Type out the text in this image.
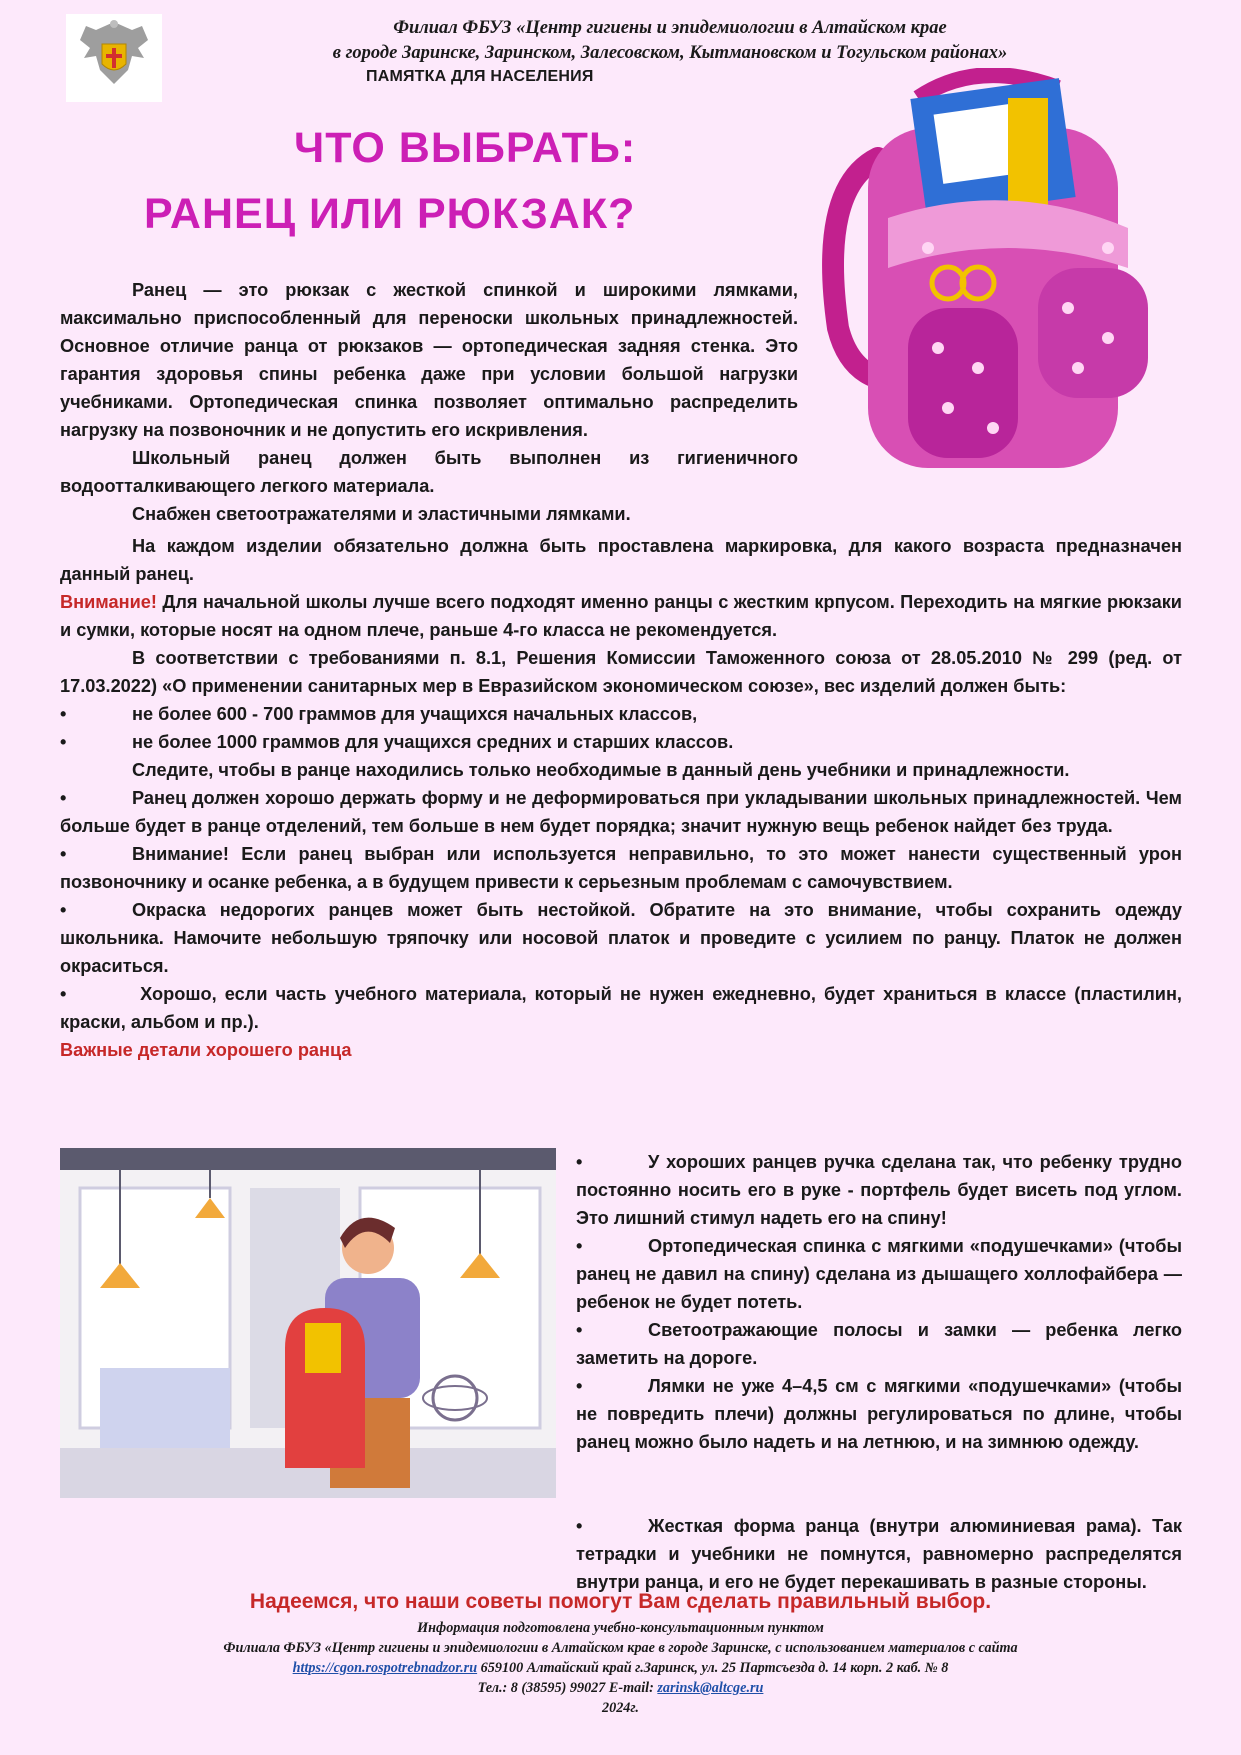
Филиал ФБУЗ «Центр гигиены и эпидемиологии в Алтайском крае
в городе Заринске, Заринском, Залесовском, Кытмановском и Тогульском районах»
ПАМЯТКА ДЛЯ НАСЕЛЕНИЯ
ЧТО ВЫБРАТЬ:
РАНЕЦ ИЛИ РЮКЗАК?

Ранец — это рюкзак с жесткой спинкой и широкими лямками, максимально приспособленный для переноски школьных принадлежностей. Основное отличие ранца от рюкзаков — ортопедическая задняя стенка. Это гарантия здоровья спины ребенка даже при условии большой нагрузки учебниками. Ортопедическая спинка позволяет оптимально распределить нагрузку на позвоночник и не допустить его искривления.

Школьный ранец должен быть выполнен из гигиеничного водоотталкивающего легкого материала.

Снабжен светоотражателями и эластичными лямками.

На каждом изделии обязательно должна быть проставлена маркировка, для какого возраста предназначен данный ранец.

Внимание! Для начальной школы лучше всего подходят именно ранцы с жестким крпусом. Переходить на мягкие рюкзаки и сумки, которые носят на одном плече, раньше 4-го класса не рекомендуется.

В соответствии с требованиями п. 8.1, Решения Комиссии Таможенного союза от 28.05.2010 № 299 (ред. от 17.03.2022) «О применении санитарных мер в Евразийском экономическом союзе», вес изделий должен быть:

•	не более 600 - 700 граммов для учащихся начальных классов,

•	не более 1000 граммов для учащихся средних и старших классов.

Следите, чтобы в ранце находились только необходимые в данный день учебники и принадлежности.

•	Ранец должен хорошо держать форму и не деформироваться при укладывании школьных принадлежностей. Чем больше будет в ранце отделений, тем больше в нем будет порядка; значит нужную вещь ребенок найдет без труда.

•	Внимание! Если ранец выбран или используется неправильно, то это может нанести существенный урон позвоночнику и осанке ребенка, а в будущем привести к серьезным проблемам с самочувствием.

•	Окраска недорогих ранцев может быть нестойкой. Обратите на это внимание, чтобы сохранить одежду школьника. Намочите небольшую тряпочку или носовой платок и проведите с усилием по ранцу. Платок не должен окраситься.

•	Хорошо, если часть учебного материала, который не нужен ежедневно, будет храниться в классе (пластилин, краски, альбом и пр.).

Важные детали хорошего ранца

•	У хороших ранцев ручка сделана так, что ребенку трудно постоянно носить его в руке - портфель будет висеть под углом. Это лишний стимул надеть его на спину!

•	Ортопедическая спинка с мягкими «подушечками» (чтобы ранец не давил на спину) сделана из дышащего холлофайбера — ребенок не будет потеть.

•	Светоотражающие полосы и замки — ребенка легко заметить на дороге.

•	Лямки не уже 4–4,5 см с мягкими «подушечками» (чтобы не повредить плечи) должны регулироваться по длине, чтобы ранец можно было надеть и на летнюю, и на зимнюю одежду.

•	Жесткая форма ранца (внутри алюминиевая рама). Так тетрадки и учебники не помнутся, равномерно распределятся внутри ранца, и его не будет перекашивать в разные стороны.

Надеемся, что наши советы помогут Вам сделать правильный выбор.
Информация подготовлена учебно-консультационным пунктом
Филиала ФБУЗ «Центр гигиены и эпидемиологии в Алтайском крае в городе Заринске, с использованием материалов с сайта
https://cgon.rospotrebnadzor.ru 659100 Алтайский край г.Заринск, ул. 25 Партсъезда д. 14 корп. 2 каб. № 8
Тел.: 8 (38595) 99027 E-mail: zarinsk@altcge.ru
2024г.
